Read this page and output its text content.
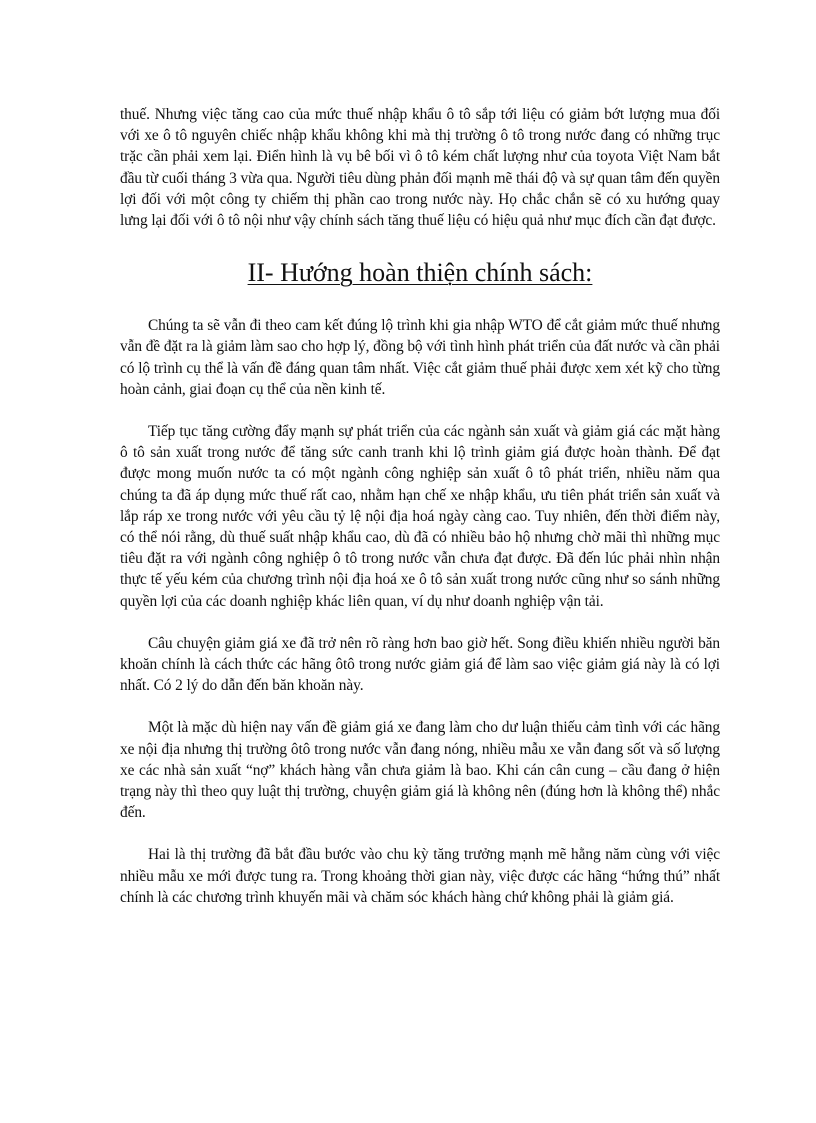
thuế. Nhưng việc tăng cao của mức thuế nhập khẩu ô tô sắp tới liệu có giảm bớt lượng mua đối với xe ô tô nguyên chiếc nhập khẩu không khi mà thị trường ô tô trong nước đang có những trục trặc cần phải xem lại. Điển hình là vụ bê bối vì ô tô kém chất lượng như của toyota Việt Nam bắt đầu từ cuối tháng 3 vừa qua. Người tiêu dùng phản đối mạnh mẽ thái độ và sự quan tâm đến quyền lợi đối với một công ty chiếm thị phần cao trong nước này. Họ chắc chắn sẽ có xu hướng quay lưng lại đối với ô tô nội như vậy chính sách tăng thuế liệu có hiệu quả như mục đích cần đạt được.

II- Hướng hoàn thiện chính sách:

Chúng ta sẽ vẫn đi theo cam kết đúng lộ trình khi gia nhập WTO để cắt giảm mức thuế nhưng vẫn đề đặt ra là giảm làm sao cho hợp lý, đồng bộ với tình hình phát triển của đất nước và cần phải có lộ trình cụ thể là vấn đề đáng quan tâm nhất. Việc cắt giảm thuế phải được xem xét kỹ cho từng hoàn cảnh, giai đoạn cụ thể của nền kinh tế.

Tiếp tục tăng cường đẩy mạnh sự phát triển của các ngành sản xuất và giảm giá các mặt hàng ô tô sản xuất trong nước để tăng sức canh tranh khi lộ trình giảm giá được hoàn thành. Để đạt được mong muốn nước ta có một ngành công nghiệp sản xuất ô tô phát triển, nhiều năm qua chúng ta đã áp dụng mức thuế rất cao, nhằm hạn chế xe nhập khẩu, ưu tiên phát triển sản xuất và lắp ráp xe trong nước với yêu cầu tỷ lệ nội địa hoá ngày càng cao. Tuy nhiên, đến thời điểm này, có thể nói rằng, dù thuế suất nhập khẩu cao, dù đã có nhiều bảo hộ nhưng chờ mãi thì những mục tiêu đặt ra với ngành công nghiệp ô tô trong nước vẫn chưa đạt được. Đã đến lúc phải nhìn nhận thực tế yếu kém của chương trình nội địa hoá xe ô tô sản xuất trong nước cũng như so sánh những quyền lợi của các doanh nghiệp khác liên quan, ví dụ như doanh nghiệp vận tải.

Câu chuyện giảm giá xe đã trở nên rõ ràng hơn bao giờ hết. Song điều khiến nhiều người băn khoăn chính là cách thức các hãng ôtô trong nước giảm giá để làm sao việc giảm giá này là có lợi nhất. Có 2 lý do dẫn đến băn khoăn này.

Một là mặc dù hiện nay vấn đề giảm giá xe đang làm cho dư luận thiếu cảm tình với các hãng xe nội địa nhưng thị trường ôtô trong nước vẫn đang nóng, nhiều mẫu xe vẫn đang sốt và số lượng xe các nhà sản xuất “nợ” khách hàng vẫn chưa giảm là bao. Khi cán cân cung – cầu đang ở hiện trạng này thì theo quy luật thị trường, chuyện giảm giá là không nên (đúng hơn là không thể) nhắc đến.

Hai là thị trường đã bắt đầu bước vào chu kỳ tăng trưởng mạnh mẽ hằng năm cùng với việc nhiều mẫu xe mới được tung ra. Trong khoảng thời gian này, việc được các hãng “hứng thú” nhất chính là các chương trình khuyến mãi và chăm sóc khách hàng chứ không phải là giảm giá.
